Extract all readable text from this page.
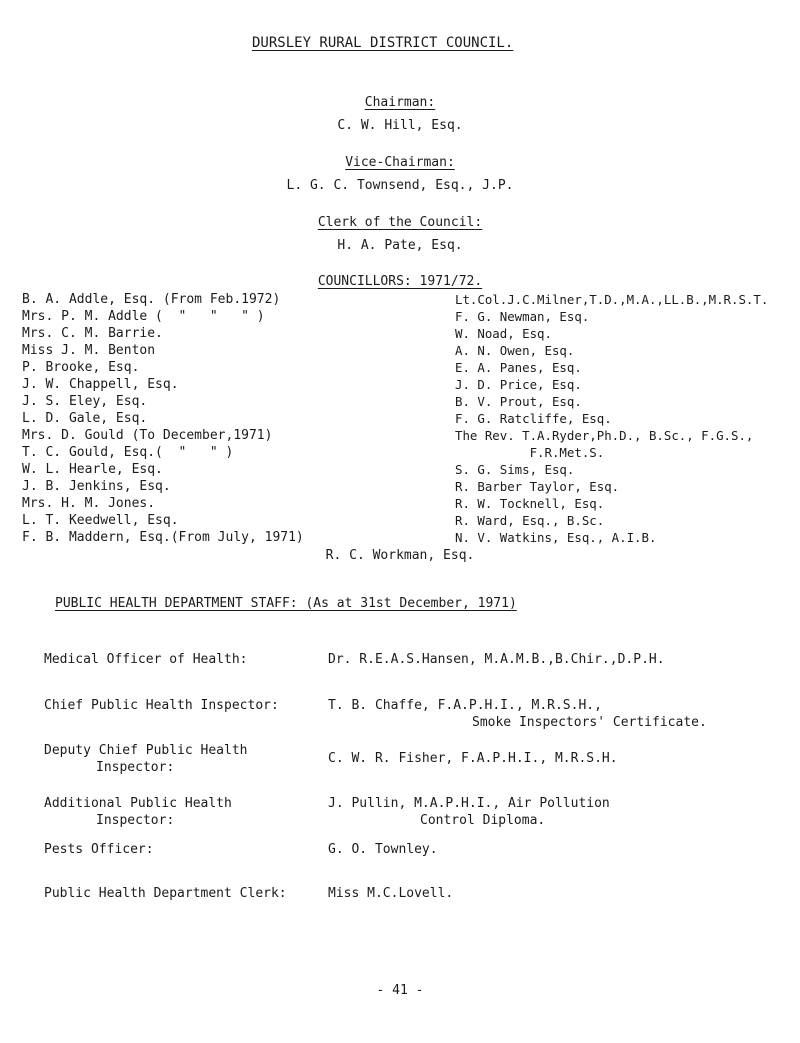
DURSLEY RURAL DISTRICT COUNCIL.
Chairman:
C. W. Hill, Esq.
Vice-Chairman:
L. G. C. Townsend, Esq., J.P.
Clerk of the Council:
H. A. Pate, Esq.
COUNCILLORS: 1971/72.
B. A. Addle, Esq. (From Feb.1972)
Mrs. P. M. Addle (  "   "   " )
Mrs. C. M. Barrie.
Miss J. M. Benton
P. Brooke, Esq.
J. W. Chappell, Esq.
J. S. Eley, Esq.
L. D. Gale, Esq.
Mrs. D. Gould (To December,1971)
T. C. Gould, Esq.(  "   " )
W. L. Hearle, Esq.
J. B. Jenkins, Esq.
Mrs. H. M. Jones.
L. T. Keedwell, Esq.
F. B. Maddern, Esq.(From July, 1971)
Lt.Col.J.C.Milner,T.D.,M.A.,LL.B.,M.R.S.T.
F. G. Newman, Esq.
W. Noad, Esq.
A. N. Owen, Esq.
E. A. Panes, Esq.
J. D. Price, Esq.
B. V. Prout, Esq.
F. G. Ratcliffe, Esq.
The Rev. T.A.Ryder,Ph.D., B.Sc., F.G.S.,
F.R.Met.S.
S. G. Sims, Esq.
R. Barber Taylor, Esq.
R. W. Tocknell, Esq.
R. Ward, Esq., B.Sc.
N. V. Watkins, Esq., A.I.B.
R. C. Workman, Esq.
PUBLIC HEALTH DEPARTMENT STAFF: (As at 31st December, 1971)
Medical Officer of Health:	Dr. R.E.A.S.Hansen, M.A.M.B.,B.Chir.,D.P.H.
Chief Public Health Inspector:	T. B. Chaffe, F.A.P.H.I., M.R.S.H.,
Smoke Inspectors' Certificate.
Deputy Chief Public Health
Inspector:
C. W. R. Fisher, F.A.P.H.I., M.R.S.H.
Additional Public Health
Inspector:
J. Pullin, M.A.P.H.I., Air Pollution
Control Diploma.
Pests Officer:	G. O. Townley.
Public Health Department Clerk:	Miss M.C.Lovell.
- 41 -
